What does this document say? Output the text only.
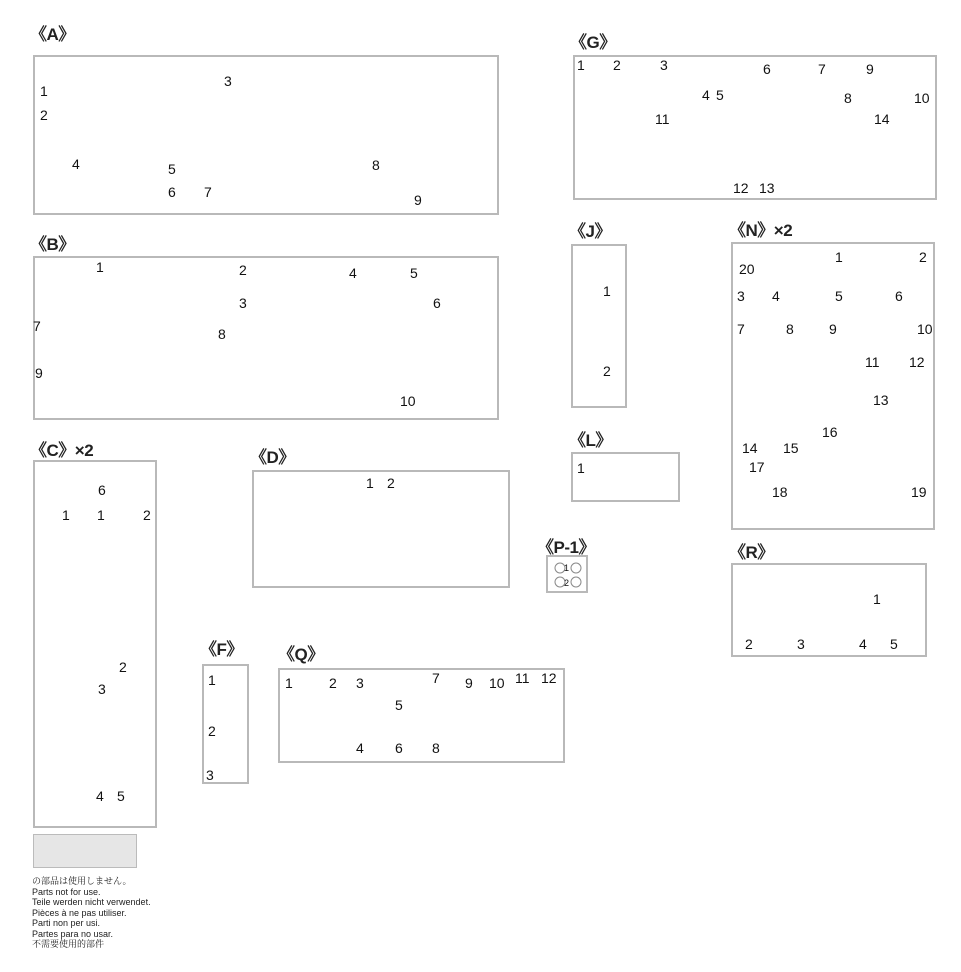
《A》
《B》
《C》×2	《D》
《F》 《Q》
《G》
《J》
《L》
《P-1》
《N》×2
《R》
1
2
3
4	5
6 7
8
9
1	2
3
4	5
6
7	8
9
10
1 1	2
2
3
4 5
6	1 2
1
2
3
1	2 3
4
5
6
7
8
9 10 11 12
1 2	3
4 5
6	7
8
9
10
11
12 13
14
1
2
1
1
2
1	2
3 4	5	6
7	8	9	10
11 12
13
14 15
16
17
18	19
20
1
2	3	4 5
の部品は使用しません。
Parts not for use.
Teile werden nicht verwendet.
Pièces à ne pas utiliser.
Parti non per usi.
Partes para no usar.
不需要使用的部件
